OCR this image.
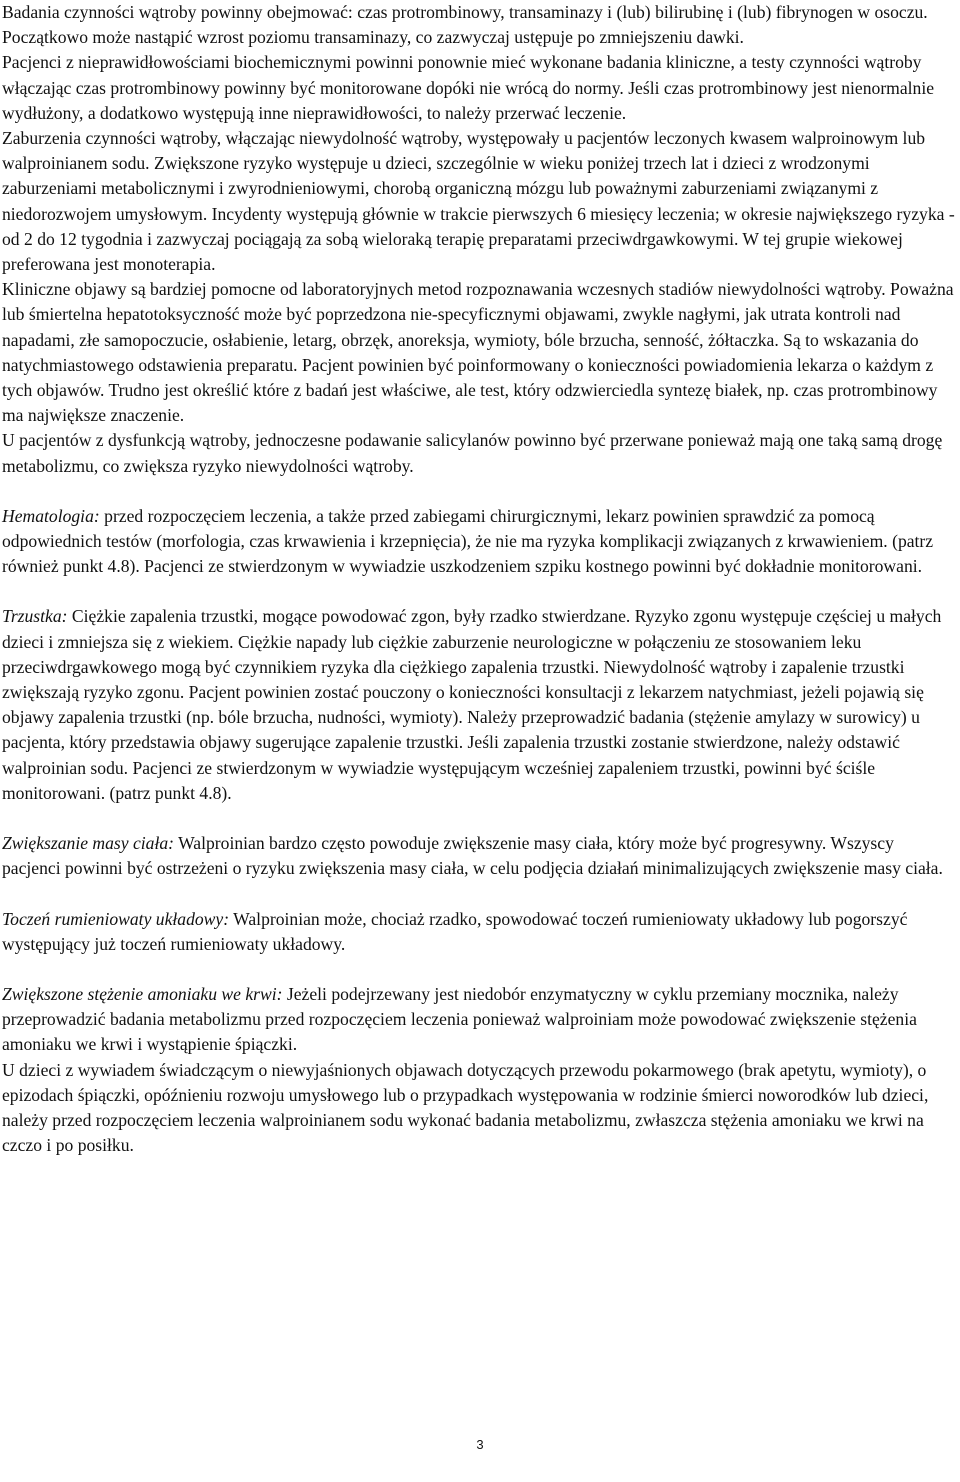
Badania czynności wątroby powinny obejmować: czas protrombinowy, transaminazy i (lub) bilirubinę i (lub) fibrynogen w osoczu. Początkowo może nastąpić wzrost poziomu transaminazy, co zazwyczaj ustępuje po zmniejszeniu dawki.

Pacjenci z nieprawidłowościami biochemicznymi powinni ponownie mieć wykonane badania kliniczne, a testy czynności wątroby włączając czas protrombinowy powinny być monitorowane dopóki nie wrócą do normy. Jeśli czas protrombinowy jest nienormalnie wydłużony, a dodatkowo występują inne nieprawidłowości, to należy przerwać leczenie.

Zaburzenia czynności wątroby, włączając niewydolność wątroby, występowały u pacjentów leczonych kwasem walproinowym lub walproinianem sodu. Zwiększone ryzyko występuje u dzieci, szczególnie w wieku poniżej trzech lat i dzieci z wrodzonymi zaburzeniami metabolicznymi i zwyrodnieniowymi, chorobą organiczną mózgu lub poważnymi zaburzeniami związanymi z niedorozwojem umysłowym. Incydenty występują głównie w trakcie pierwszych 6 miesięcy leczenia; w okresie największego ryzyka - od 2 do 12 tygodnia i zazwyczaj pociągają za sobą wieloraką terapię preparatami przeciwdrgawkowymi. W tej grupie wiekowej preferowana jest monoterapia.

Kliniczne objawy są bardziej pomocne od laboratoryjnych metod rozpoznawania wczesnych stadiów niewydolności wątroby. Poważna lub śmiertelna hepatotoksyczność może być poprzedzona nie-specyficznymi objawami, zwykle nagłymi, jak utrata kontroli nad napadami, złe samopoczucie, osłabienie, letarg, obrzęk, anoreksja, wymioty, bóle brzucha, senność, żółtaczka. Są to wskazania do natychmiastowego odstawienia preparatu. Pacjent powinien być poinformowany o konieczności powiadomienia lekarza o każdym z tych objawów. Trudno jest określić które z badań jest właściwe, ale test, który odzwierciedla syntezę białek, np. czas protrombinowy ma największe znaczenie.

U pacjentów z dysfunkcją wątroby, jednoczesne podawanie salicylanów powinno być przerwane ponieważ mają one taką samą drogę metabolizmu, co zwiększa ryzyko niewydolności wątroby.

Hematologia: przed rozpoczęciem leczenia, a także przed zabiegami chirurgicznymi, lekarz powinien sprawdzić za pomocą odpowiednich testów (morfologia, czas krwawienia i krzepnięcia), że nie ma ryzyka komplikacji związanych z krwawieniem. (patrz również punkt 4.8). Pacjenci ze stwierdzonym w wywiadzie uszkodzeniem szpiku kostnego powinni być dokładnie monitorowani.

Trzustka: Ciężkie zapalenia trzustki, mogące powodować zgon, były rzadko stwierdzane. Ryzyko zgonu występuje częściej u małych dzieci i zmniejsza się z wiekiem. Ciężkie napady lub ciężkie zaburzenie neurologiczne w połączeniu ze stosowaniem leku przeciwdrgawkowego mogą być czynnikiem ryzyka dla ciężkiego zapalenia trzustki. Niewydolność wątroby i zapalenie trzustki zwiększają ryzyko zgonu. Pacjent powinien zostać pouczony o konieczności konsultacji z lekarzem natychmiast, jeżeli pojawią się objawy zapalenia trzustki (np. bóle brzucha, nudności, wymioty). Należy przeprowadzić badania (stężenie amylazy w surowicy) u pacjenta, który przedstawia objawy sugerujące zapalenie trzustki. Jeśli zapalenia trzustki zostanie stwierdzone, należy odstawić walproinian sodu. Pacjenci ze stwierdzonym w wywiadzie występującym wcześniej zapaleniem trzustki, powinni być ściśle monitorowani. (patrz punkt 4.8).

Zwiększanie masy ciała: Walproinian bardzo często powoduje zwiększenie masy ciała, który może być progresywny. Wszyscy pacjenci powinni być ostrzeżeni o ryzyku zwiększenia masy ciała, w celu podjęcia działań minimalizujących zwiększenie masy ciała.

Toczeń rumieniowaty układowy: Walproinian może, chociaż rzadko, spowodować toczeń rumieniowaty układowy lub pogorszyć występujący już toczeń rumieniowaty układowy.

Zwiększone stężenie amoniaku we krwi: Jeżeli podejrzewany jest niedobór enzymatyczny w cyklu przemiany mocznika, należy przeprowadzić badania metabolizmu przed rozpoczęciem leczenia ponieważ walproiniam może powodować zwiększenie stężenia amoniaku we krwi i wystąpienie śpiączki.

U dzieci z wywiadem świadczącym o niewyjaśnionych objawach dotyczących przewodu pokarmowego (brak apetytu, wymioty), o epizodach śpiączki, opóźnieniu rozwoju umysłowego lub o przypadkach występowania w rodzinie śmierci noworodków lub dzieci, należy przed rozpoczęciem leczenia walproinianem sodu wykonać badania metabolizmu, zwłaszcza stężenia amoniaku we krwi na czczo i po posiłku.

3
